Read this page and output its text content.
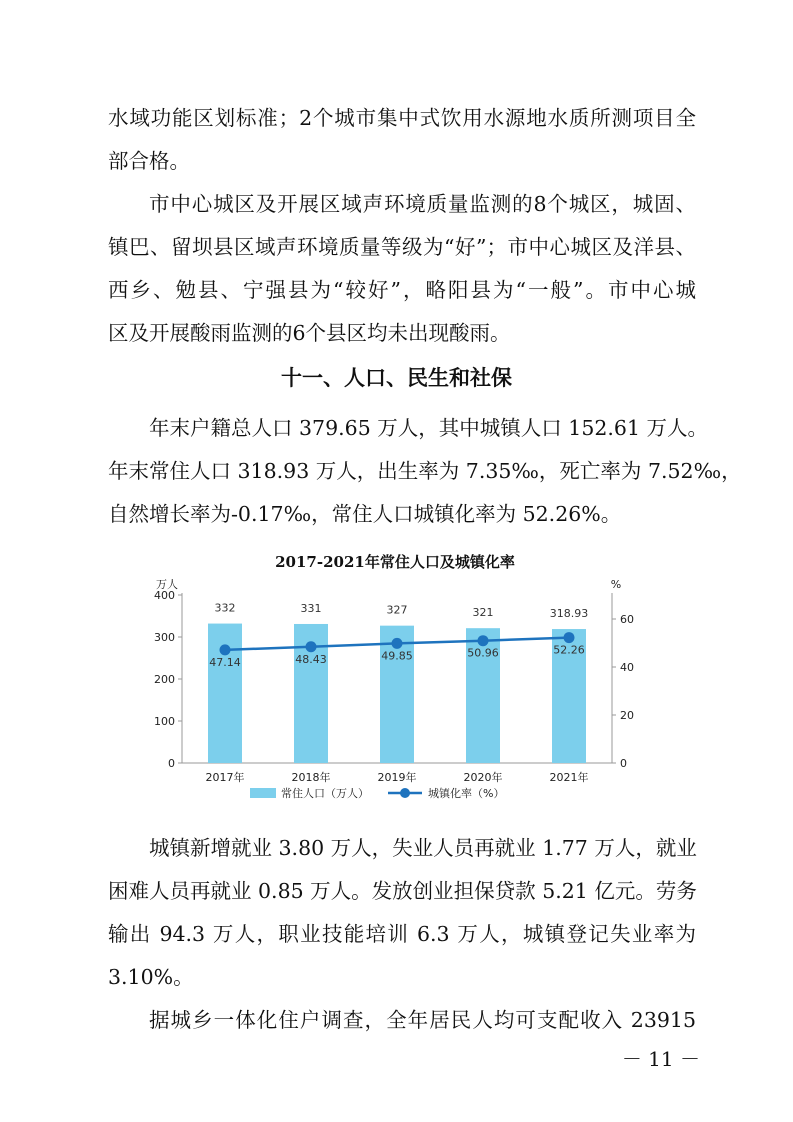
水域功能区划标准；2个城市集中式饮用水源地水质所测项目全
部合格。
市中心城区及开展区域声环境质量监测的8个城区，城固、
镇巴、留坝县区域声环境质量等级为“好”；市中心城区及洋县、
西乡、勉县、宁强县为“较好”，略阳县为“一般”。市中心城
区及开展酸雨监测的6个县区均未出现酸雨。
十一、人口、民生和社保
年末户籍总人口 379.65 万人，其中城镇人口 152.61 万人。
年末常住人口 318.93 万人，出生率为 7.35‰，死亡率为 7.52‰，
自然增长率为-0.17‰，常住人口城镇化率为 52.26%。
2017-2021年常住人口及城镇化率
万人	%
0
100
200
300
400
0
20
40
60
332	331	327	321	318.93
2017年	2018年	2019年	2020年	2021年
47.14	48.43	49.85	50.96	52.26
常住人口（万人）	城镇化率（%）
城镇新增就业 3.80 万人，失业人员再就业 1.77 万人，就业
困难人员再就业 0.85 万人。发放创业担保贷款 5.21 亿元。劳务
输出 94.3 万人，职业技能培训 6.3 万人，城镇登记失业率为
3.10%。
据城乡一体化住户调查，全年居民人均可支配收入 23915
－ 11 －
